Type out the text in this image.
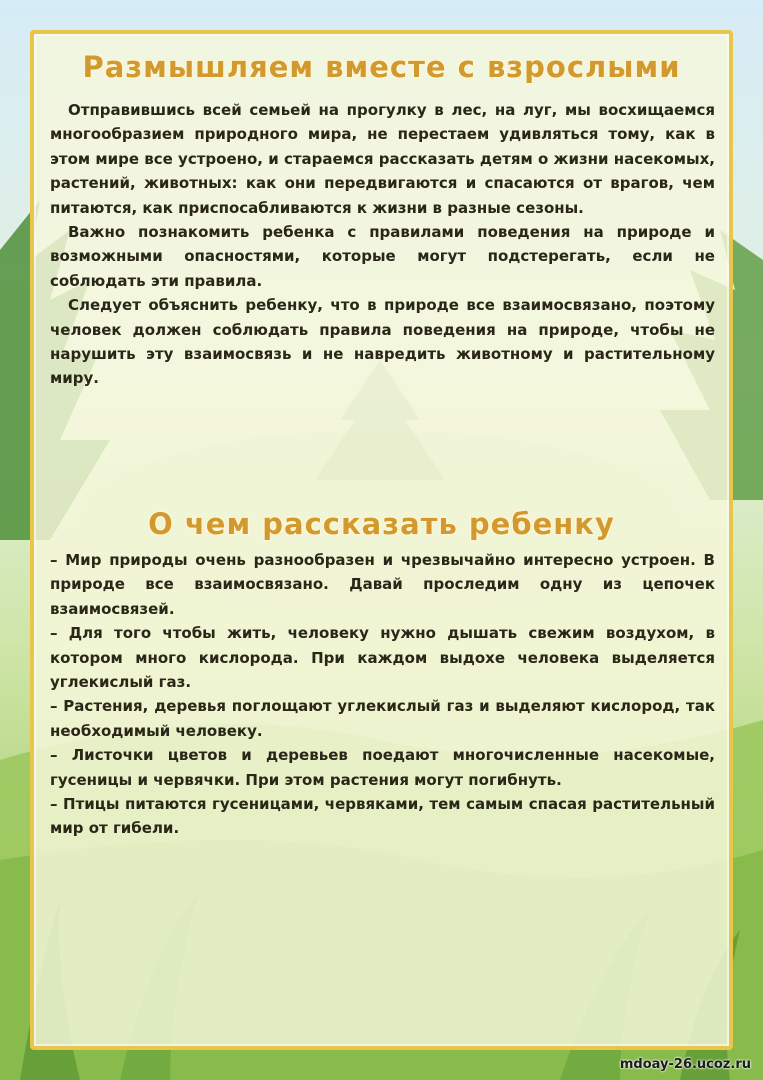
Размышляем вместе с взрослыми

Отправившись всей семьей на прогулку в лес, на луг, мы восхищаемся многообразием природного мира, не перестаем удивляться тому, как в этом мире все устроено, и стараемся рассказать детям о жизни насекомых, растений, животных: как они передвигаются и спасаются от врагов, чем питаются, как приспосабливаются к жизни в разные сезоны.

Важно познакомить ребенка с правилами поведения на природе и возможными опасностями, которые могут подстерегать, если не соблюдать эти правила.

Следует объяснить ребенку, что в природе все взаимосвязано, поэтому человек должен соблюдать правила поведения на природе, чтобы не нарушить эту взаимосвязь и не навредить животному и растительному миру.

О чем рассказать ребенку

– Мир природы очень разнообразен и чрезвычайно интересно устроен. В природе все взаимосвязано. Давай проследим одну из цепочек взаимосвязей.

– Для того чтобы жить, человеку нужно дышать свежим воздухом, в котором много кислорода. При каждом выдохе человека выделяется углекислый газ.

– Растения, деревья поглощают углекислый газ и выделяют кислород, так необходимый человеку.

– Листочки цветов и деревьев поедают многочисленные насекомые, гусеницы и червячки. При этом растения могут погибнуть.

– Птицы питаются гусеницами, червяками, тем самым спасая растительный мир от гибели.

mdoay-26.ucoz.ru
